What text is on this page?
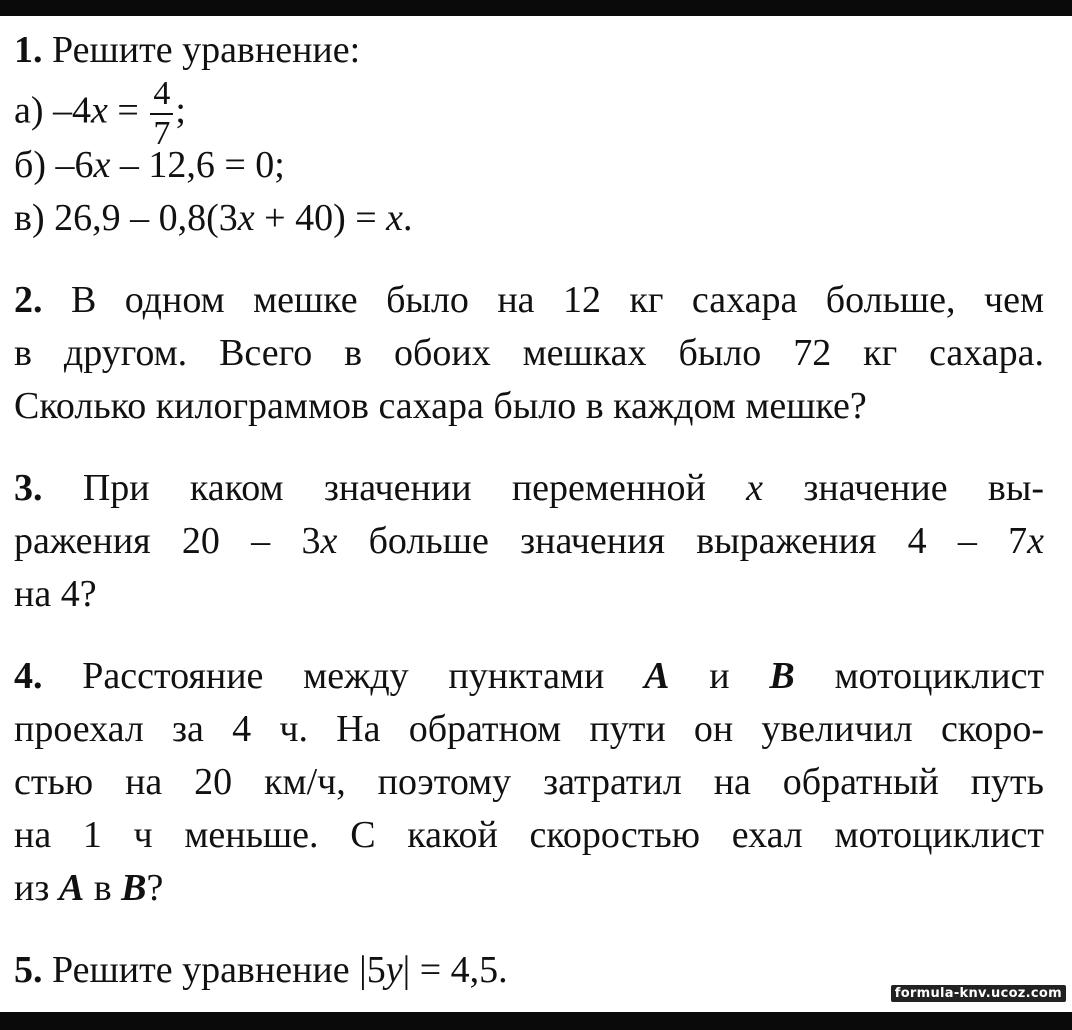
1. Решите уравнение:
а) $-4x = \frac{4}{7}$ ;
б) –6x – 12,6 = 0;
в) 26,9 – 0,8(3x + 40) = x.
2. В одном мешке было на 12 кг сахара больше, чем
в другом. Всего в обоих мешках было 72 кг сахара.
Сколько килограммов сахара было в каждом мешке?
3. При каком значении переменной x значение вы-
ражения 20 – 3x больше значения выражения 4 – 7x
на 4?
4. Расстояние между пунктами A и B мотоциклист
проехал за 4 ч. На обратном пути он увеличил скоро-
стью на 20 км/ч, поэтому затратил на обратный путь
на 1 ч меньше. С какой скоростью ехал мотоциклист
из A в B?
5. Решите уравнение |5y| = 4,5.
formula-knv.ucoz.com
